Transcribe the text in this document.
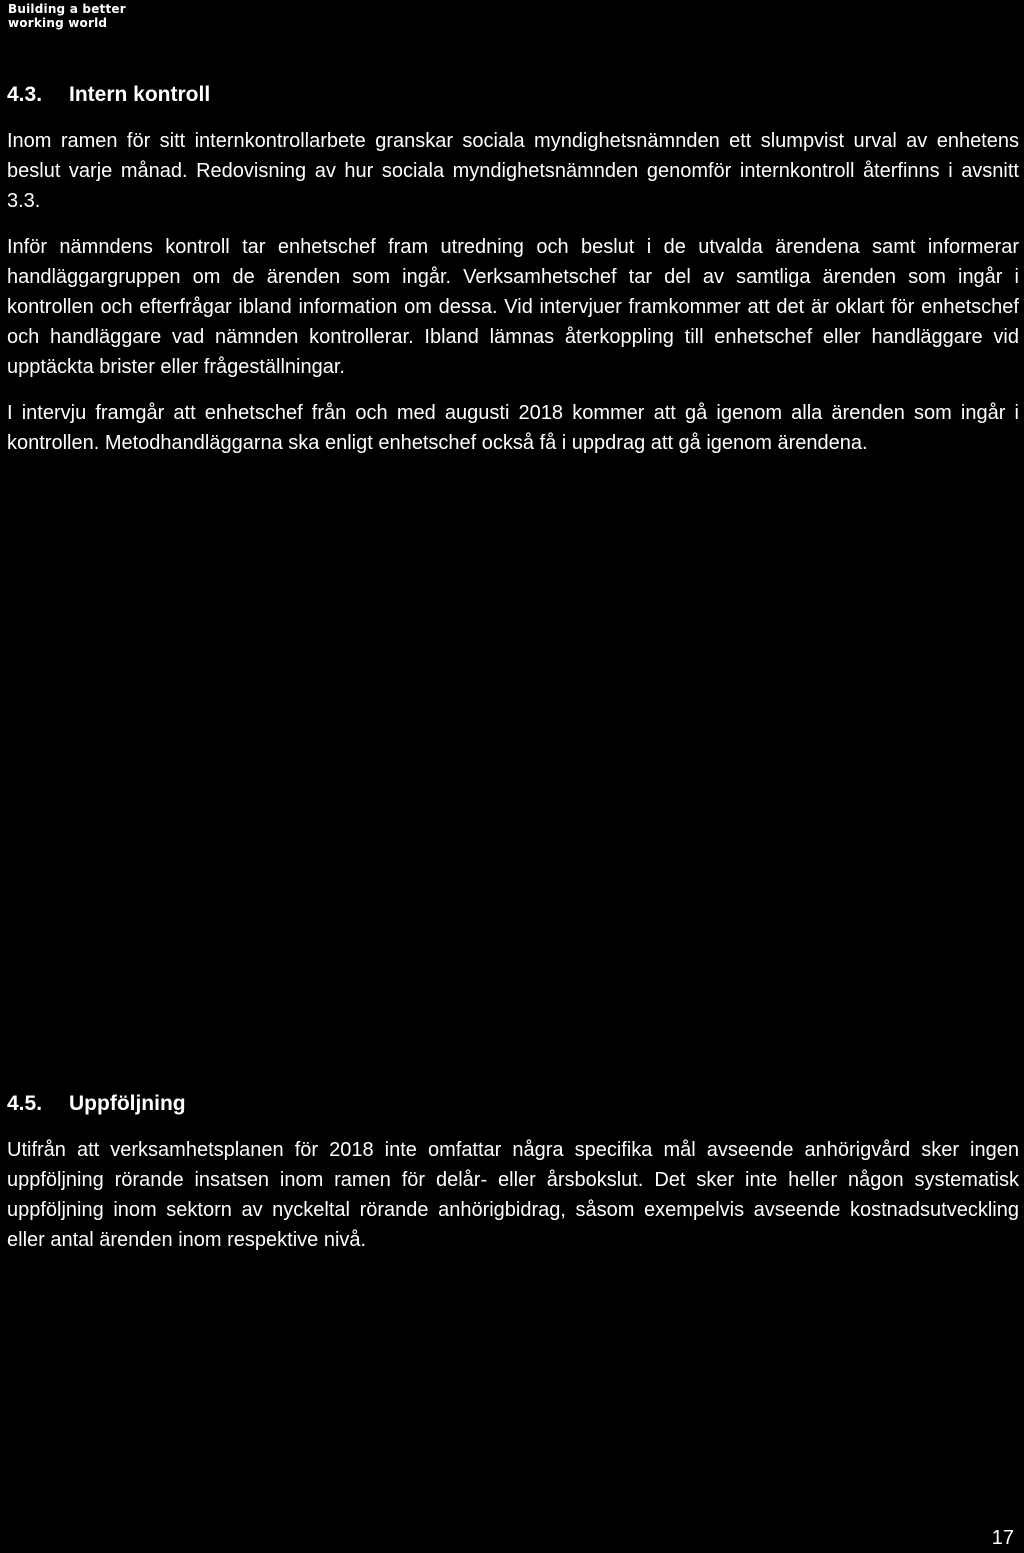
Building a better
working world
4.3.	Intern kontroll

Inom ramen för sitt internkontrollarbete granskar sociala myndighetsnämnden ett slumpvist urval av enhetens beslut varje månad. Redovisning av hur sociala myndighetsnämnden genomför internkontroll återfinns i avsnitt 3.3.

Inför nämndens kontroll tar enhetschef fram utredning och beslut i de utvalda ärendena samt informerar handläggargruppen om de ärenden som ingår. Verksamhetschef tar del av samtliga ärenden som ingår i kontrollen och efterfrågar ibland information om dessa. Vid intervjuer framkommer att det är oklart för enhetschef och handläggare vad nämnden kontrollerar. Ibland lämnas återkoppling till enhetschef eller handläggare vid upptäckta brister eller frågeställningar.

I intervju framgår att enhetschef från och med augusti 2018 kommer att gå igenom alla ärenden som ingår i kontrollen. Metodhandläggarna ska enligt enhetschef också få i uppdrag att gå igenom ärendena.

4.5.	Uppföljning

Utifrån att verksamhetsplanen för 2018 inte omfattar några specifika mål avseende anhörigvård sker ingen uppföljning rörande insatsen inom ramen för delår- eller årsbokslut. Det sker inte heller någon systematisk uppföljning inom sektorn av nyckeltal rörande anhörigbidrag, såsom exempelvis avseende kostnadsutveckling eller antal ärenden inom respektive nivå.

17
